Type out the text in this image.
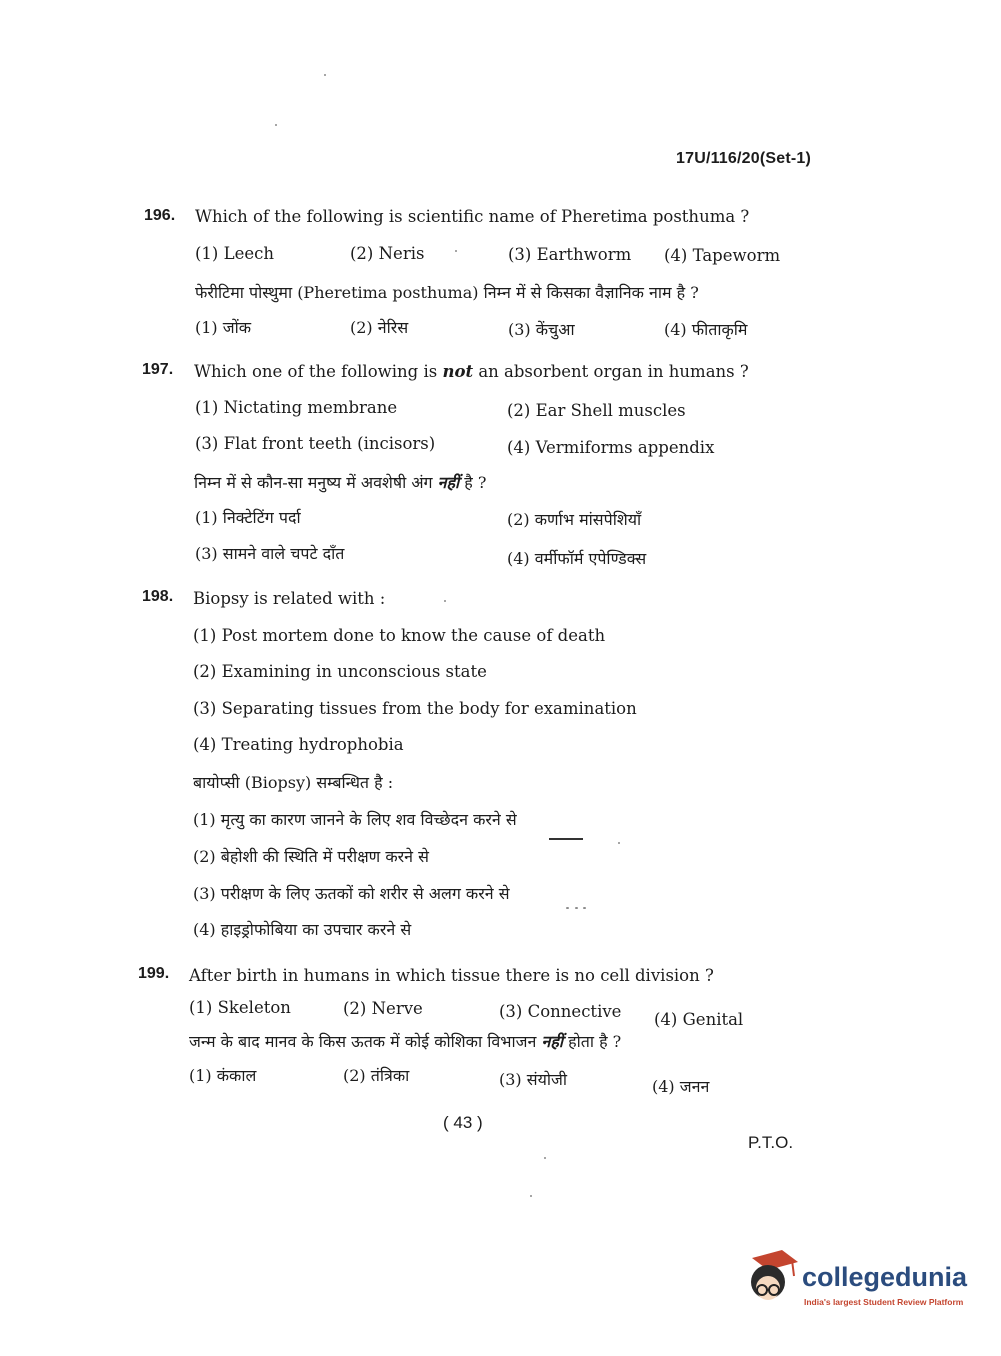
17U/116/20(Set-1)
196. Which of the following is scientific name of Pheretima posthuma ?
(1) Leech	(2) Neris	(3) Earthworm (4) Tapeworm
फेरीटिमा पोस्थुमा (Pheretima posthuma) निम्न में से किसका वैज्ञानिक नाम है ?
(1) जोंक	(2) नेरिस	(3) केंचुआ	(4) फीताकृमि
197. Which one of the following is not an absorbent organ in humans ?
(1) Nictating membrane	(2) Ear Shell muscles
(3) Flat front teeth (incisors)	(4) Vermiforms appendix
निम्न में से कौन-सा मनुष्य में अवशेषी अंग नहीं है ?
(1) निक्टेटिंग पर्दा	(2) कर्णाभ मांसपेशियाँ
(3) सामने वाले चपटे दाँत	(4) वर्मीफॉर्म एपेण्डिक्स
198. Biopsy is related with :
(1) Post mortem done to know the cause of death
(2) Examining in unconscious state
(3) Separating tissues from the body for examination
(4) Treating hydrophobia
बायोप्सी (Biopsy) सम्बन्धित है :
(1) मृत्यु का कारण जानने के लिए शव विच्छेदन करने से
(2) बेहोशी की स्थिति में परीक्षण करने से
(3) परीक्षण के लिए ऊतकों को शरीर से अलग करने से
(4) हाइड्रोफोबिया का उपचार करने से
199. After birth in humans in which tissue there is no cell division ?
(1) Skeleton	(2) Nerve	(3) Connective (4) Genital
जन्म के बाद मानव के किस ऊतक में कोई कोशिका विभाजन नहीं होता है ?
(1) कंकाल	(2) तंत्रिका	(3) संयोजी	(4) जनन
( 43 )
P.T.O.
collegedunia
India's largest Student Review Platform
